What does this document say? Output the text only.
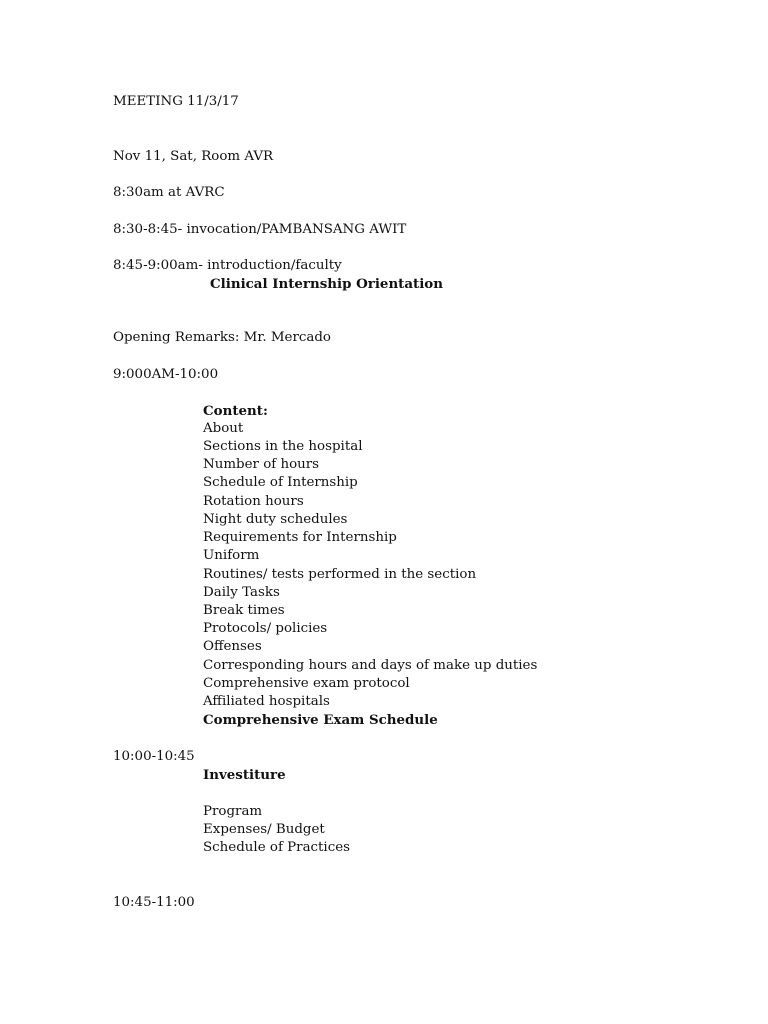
MEETING 11/3/17
Nov 11, Sat, Room AVR
8:30am at AVRC
8:30-8:45- invocation/PAMBANSANG AWIT
8:45-9:00am- introduction/faculty
Clinical Internship Orientation
Opening Remarks: Mr. Mercado
9:000AM-10:00
Content:
About
Sections in the hospital
Number of hours
Schedule of Internship
Rotation hours
Night duty schedules
Requirements for Internship
Uniform
Routines/ tests performed in the section
Daily Tasks
Break times
Protocols/ policies
Offenses
Corresponding hours and days of make up duties
Comprehensive exam protocol
Affiliated hospitals
Comprehensive Exam Schedule
10:00-10:45
Investiture
Program
Expenses/ Budget
Schedule of Practices
10:45-11:00
